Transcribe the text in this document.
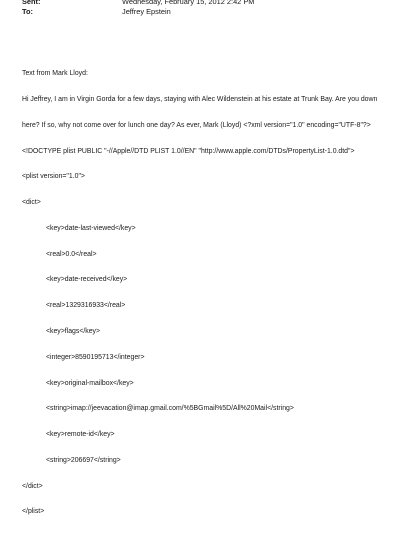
Sent:	Wednesday, February 15, 2012 2:42 PM
To:	Jeffrey Epstein

Text from Mark Lloyd:

Hi Jeffrey, I am in Virgin Gorda for a few days, staying with Alec Wildenstein at his estate at Trunk Bay. Are you down

here? If so, why not come over for lunch one day? As ever, Mark (Lloyd) <?xml version="1.0" encoding="UTF-8"?>

<!DOCTYPE plist PUBLIC "-//Apple//DTD PLIST 1.0//EN" "http://www.apple.com/DTDs/PropertyList-1.0.dtd">

<plist version="1.0">

<dict>

<key>date-last-viewed</key>

<real>0.0</real>

<key>date-received</key>

<real>1329316933</real>

<key>flags</key>

<integer>8590195713</integer>

<key>original-mailbox</key>

<string>imap://jeevacation@imap.gmail.com/%5BGmail%5D/All%20Mail</string>

<key>remote-id</key>

<string>206697</string>

</dict>

</plist>
